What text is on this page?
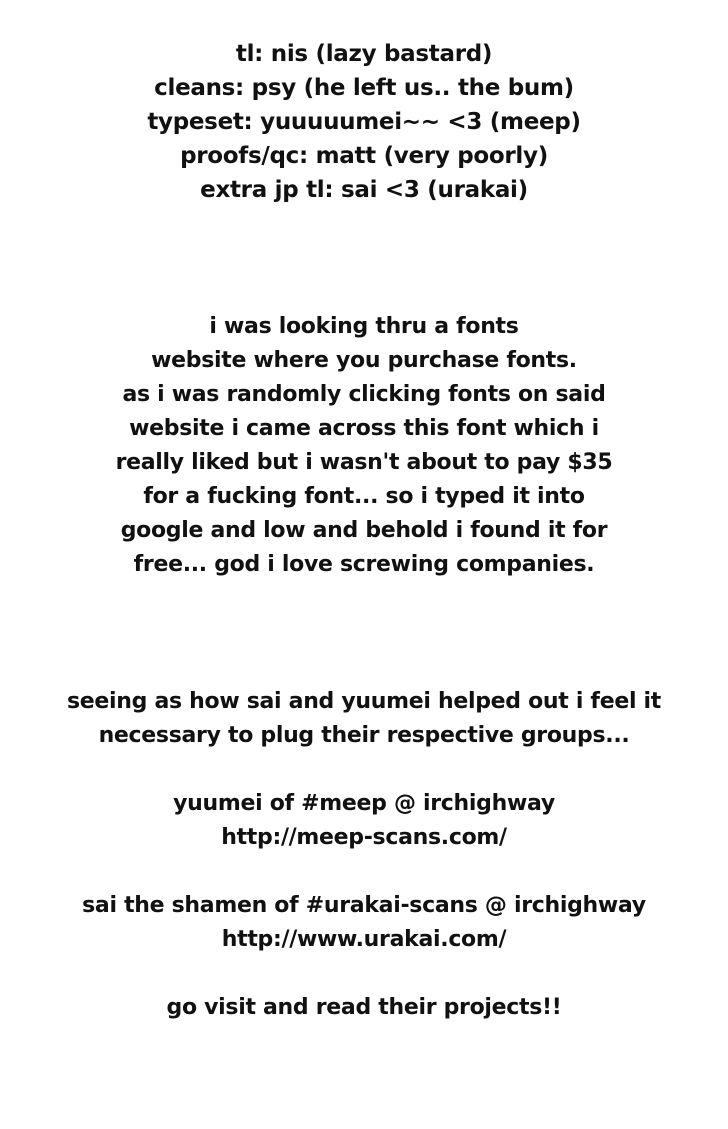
tl: nis (lazy bastard)
cleans: psy (he left us.. the bum)
typeset: yuuuuumei~~ <3 (meep)
proofs/qc: matt (very poorly)
extra jp tl: sai <3 (urakai)
i was looking thru a fonts
website where you purchase fonts.
as i was randomly clicking fonts on said
website i came across this font which i
really liked but i wasn't about to pay $35
for a fucking font... so i typed it into
google and low and behold i found it for
free... god i love screwing companies.
seeing as how sai and yuumei helped out i feel it
necessary to plug their respective groups...
yuumei of #meep @ irchighway
http://meep-scans.com/
sai the shamen of #urakai-scans @ irchighway
http://www.urakai.com/
go visit and read their projects!!
